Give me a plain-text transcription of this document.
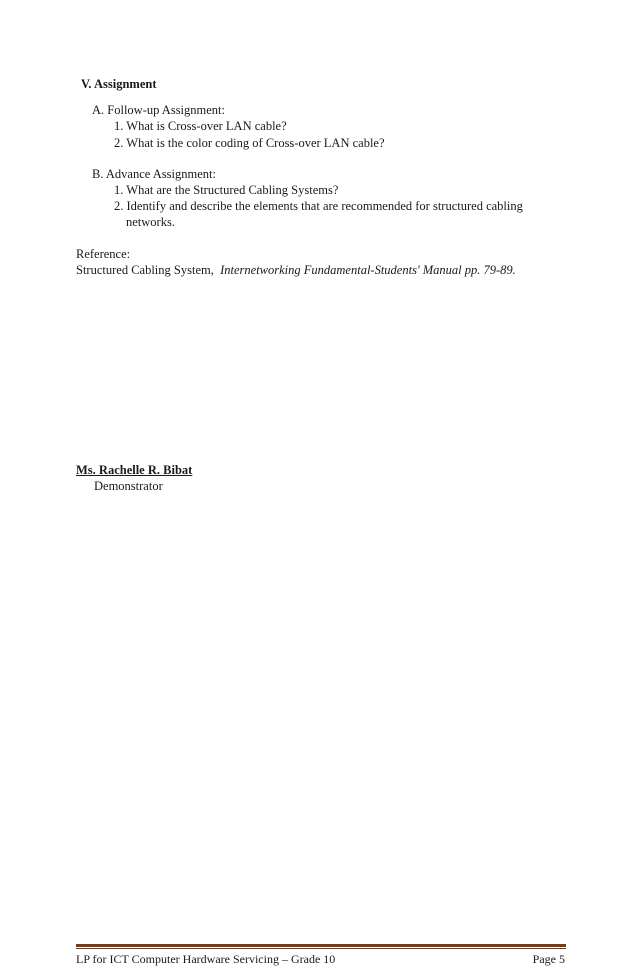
V. Assignment
A. Follow-up Assignment:
1. What is Cross-over LAN cable?
2. What is the color coding of Cross-over LAN cable?
B. Advance Assignment:
1. What are the Structured Cabling Systems?
2. Identify and describe the elements that are recommended for structured cabling
networks.
Reference:
Structured Cabling System, Internetworking Fundamental-Students' Manual pp. 79-89.
Ms. Rachelle R. Bibat
Demonstrator
LP for ICT Computer Hardware Servicing – Grade 10	Page 5
